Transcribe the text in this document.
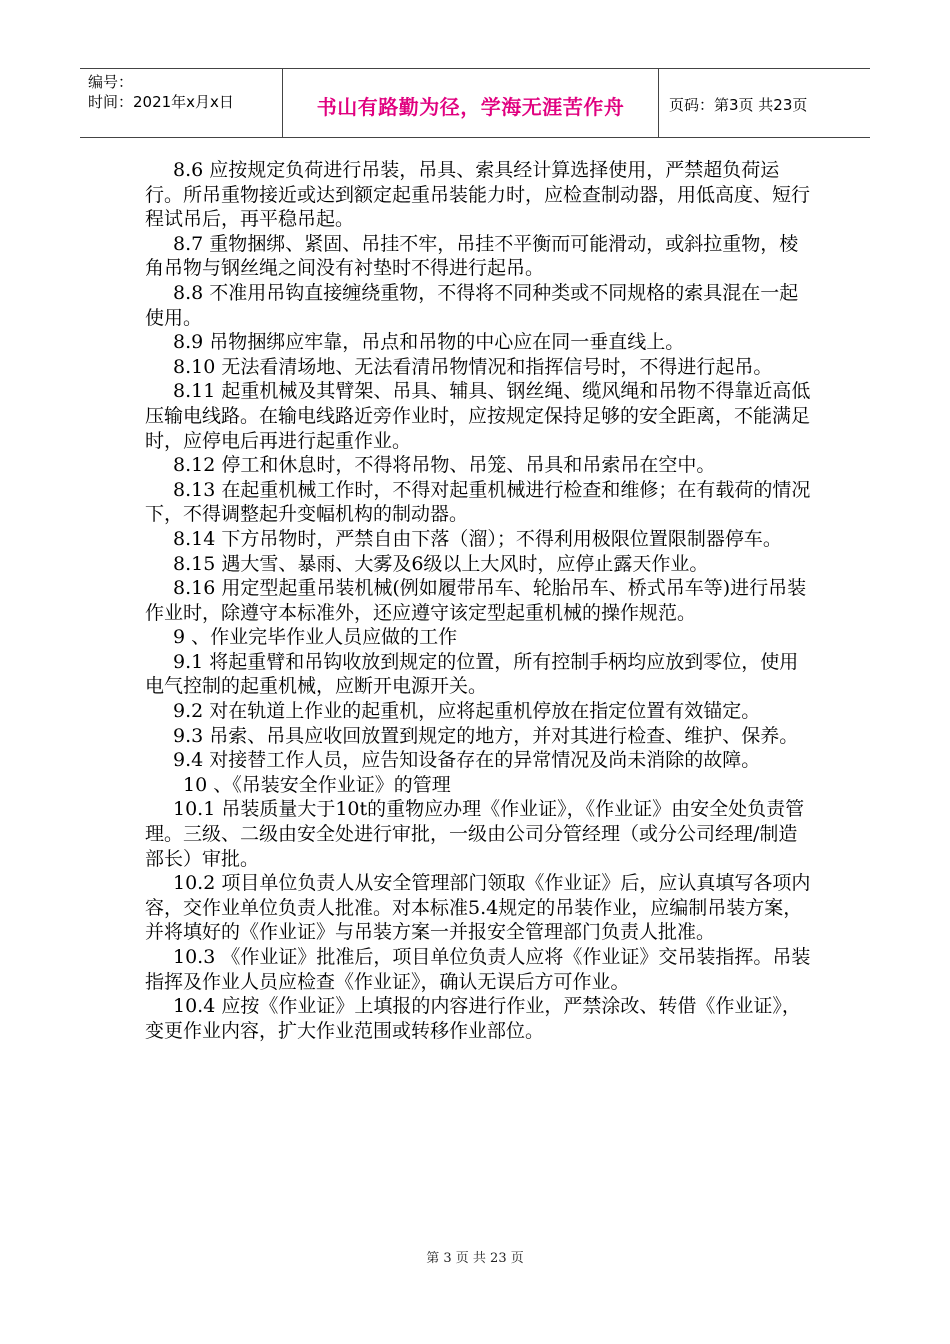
编号：
时间：2021年x月x日	书山有路勤为径，学海无涯苦作舟	页码：第3页 共23页

8.6 应按规定负荷进行吊装，吊具、索具经计算选择使用，严禁超负荷运行。所吊重物接近或达到额定起重吊装能力时，应检查制动器，用低高度、短行程试吊后，再平稳吊起。

8.7 重物捆绑、紧固、吊挂不牢，吊挂不平衡而可能滑动，或斜拉重物，棱角吊物与钢丝绳之间没有衬垫时不得进行起吊。

8.8 不准用吊钩直接缠绕重物，不得将不同种类或不同规格的索具混在一起使用。

8.9 吊物捆绑应牢靠，吊点和吊物的中心应在同一垂直线上。

8.10 无法看清场地、无法看清吊物情况和指挥信号时，不得进行起吊。

8.11 起重机械及其臂架、吊具、辅具、钢丝绳、缆风绳和吊物不得靠近高低压输电线路。在输电线路近旁作业时，应按规定保持足够的安全距离，不能满足时，应停电后再进行起重作业。

8.12 停工和休息时，不得将吊物、吊笼、吊具和吊索吊在空中。

8.13 在起重机械工作时，不得对起重机械进行检查和维修；在有载荷的情况下，不得调整起升变幅机构的制动器。

8.14 下方吊物时，严禁自由下落（溜）；不得利用极限位置限制器停车。

8.15 遇大雪、暴雨、大雾及6级以上大风时，应停止露天作业。

8.16 用定型起重吊装机械(例如履带吊车、轮胎吊车、桥式吊车等)进行吊装作业时，除遵守本标准外，还应遵守该定型起重机械的操作规范。

9 、作业完毕作业人员应做的工作

9.1 将起重臂和吊钩收放到规定的位置，所有控制手柄均应放到零位，使用电气控制的起重机械，应断开电源开关。

9.2 对在轨道上作业的起重机，应将起重机停放在指定位置有效锚定。

9.3 吊索、吊具应收回放置到规定的地方，并对其进行检查、维护、保养。

9.4 对接替工作人员，应告知设备存在的异常情况及尚未消除的故障。

10 、《吊装安全作业证》的管理

10.1 吊装质量大于10t的重物应办理《作业证》，《作业证》由安全处负责管理。三级、二级由安全处进行审批，一级由公司分管经理（或分公司经理/制造部长）审批。

10.2 项目单位负责人从安全管理部门领取《作业证》后，应认真填写各项内容，交作业单位负责人批准。对本标准5.4规定的吊装作业，应编制吊装方案，并将填好的《作业证》与吊装方案一并报安全管理部门负责人批准。

10.3 《作业证》批准后，项目单位负责人应将《作业证》交吊装指挥。吊装指挥及作业人员应检查《作业证》，确认无误后方可作业。

10.4 应按《作业证》上填报的内容进行作业，严禁涂改、转借《作业证》，变更作业内容，扩大作业范围或转移作业部位。

第 3 页 共 23 页
